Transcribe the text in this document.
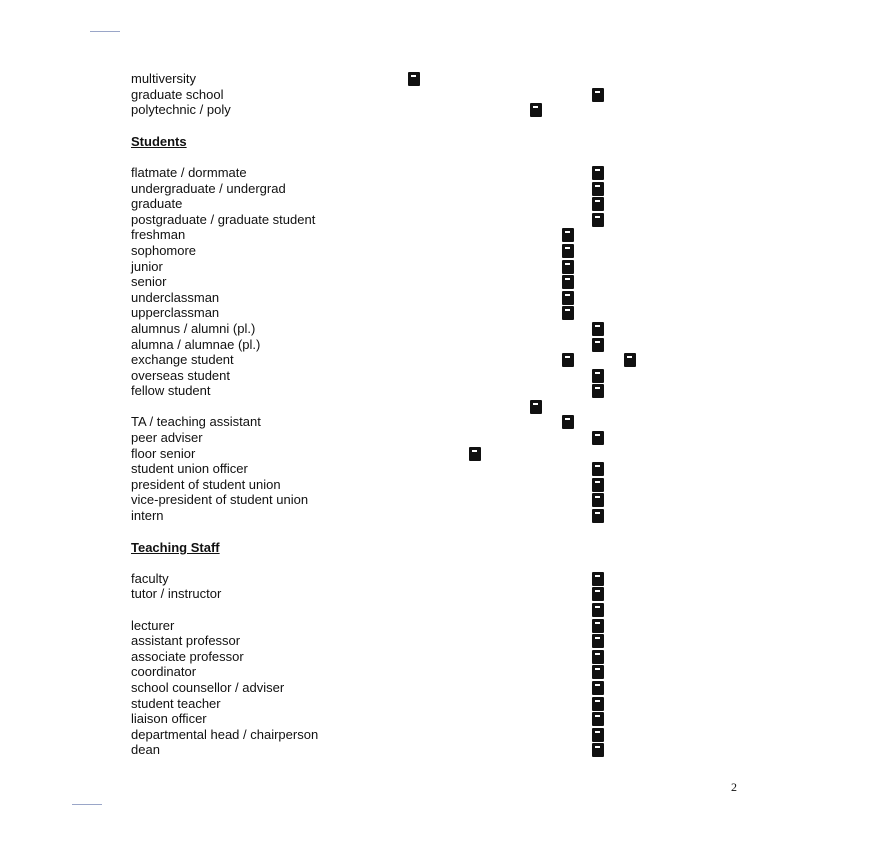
multiversity
graduate school
polytechnic / poly
Students
flatmate / dormmate
undergraduate / undergrad
graduate
postgraduate / graduate student
freshman
sophomore
junior
senior
underclassman
upperclassman
alumnus / alumni (pl.)
alumna / alumnae (pl.)
exchange student
overseas student
fellow student
TA / teaching assistant
peer adviser
floor senior
student union officer
president of student union
vice-president of student union
intern
Teaching Staff
faculty
tutor / instructor
lecturer
assistant professor
associate professor
coordinator
school counsellor / adviser
student teacher
liaison officer
departmental head / chairperson
dean
2
